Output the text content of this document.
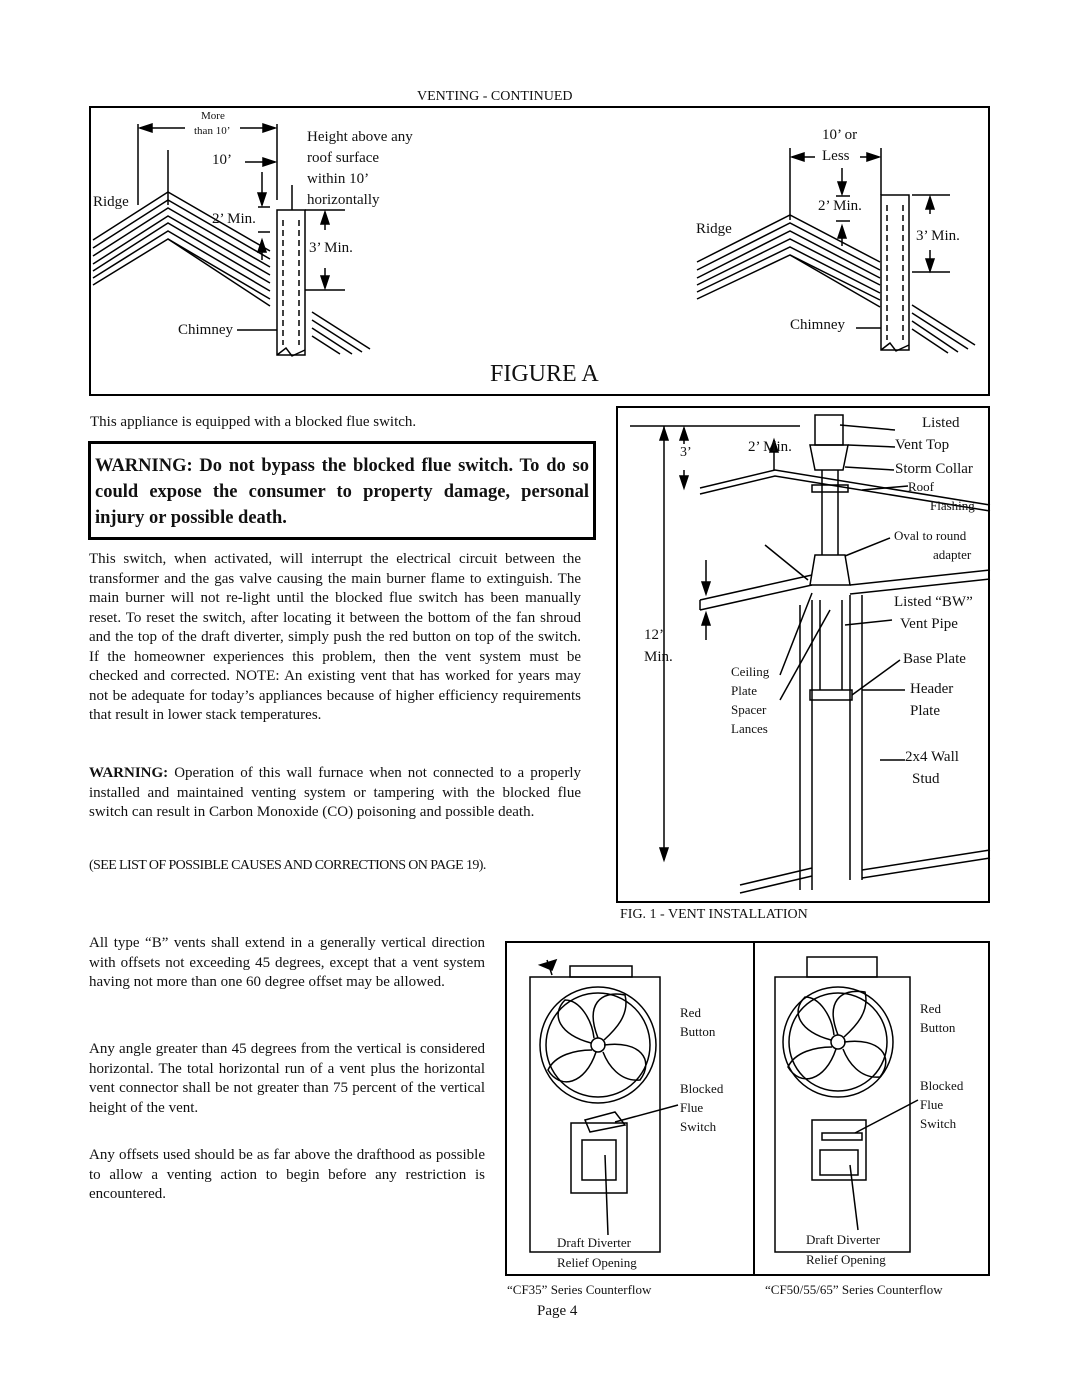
VENTING - CONTINUED
More
than 10’
10’
Height above any
roof surface
within 10’
horizontally
Ridge
2’ Min.
3’ Min.
Chimney
10’ or
Less
2’ Min.
3’ Min.
Ridge
Chimney
FIGURE A
This appliance is equipped with a blocked flue switch.
WARNING: Do not bypass the blocked flue switch. To do so could expose the consumer to property damage, personal injury or possible death.
This switch, when activated, will interrupt the electrical circuit between the transformer and the gas valve causing the main burner flame to extinguish. The main burner will not re-light until the blocked flue switch has been manually reset. To reset the switch, after locating it between the bottom of the fan shroud and the top of the draft diverter, simply push the red button on top of the switch. If the homeowner experiences this problem, then the vent system must be checked and corrected. NOTE: An existing vent that has worked for years may not be adequate for today’s appliances because of higher efficiency requirements that result in lower stack temperatures.
WARNING: Operation of this wall furnace when not connected to a properly installed and maintained venting system or tampering with the blocked flue switch can result in Carbon Monoxide (CO) poisoning and possible death.
(SEE LIST OF POSSIBLE CAUSES AND CORRECTIONS ON PAGE 19).
Listed
Vent Top
3’	2’ Min.
Storm Collar
Roof
Flashing
Oval to round
adapter
Listed “BW”
Vent Pipe
12’
Min.	Base Plate
Ceiling
Plate
Spacer
Lances
Header
Plate
2x4 Wall
Stud
FIG. 1 - VENT INSTALLATION
All type “B” vents shall extend in a generally vertical direction with offsets not exceeding 45 degrees, except that a vent system having not more than one 60 degree offset may be allowed.
Any angle greater than 45 degrees from the vertical is considered horizontal. The total horizontal run of a vent plus the horizontal vent connector shall be not greater than 75 percent of the vertical height of the vent.
Any offsets used should be as far above the drafthood as possible to allow a venting action to begin before any restriction is encountered.
Red
Button
Blocked
Flue
Switch
Draft Diverter
Relief Opening
“CF35” Series Counterflow
Red
Button
Blocked
Flue
Switch
Draft Diverter
Relief Opening
“CF50/55/65” Series Counterflow
Page 4
